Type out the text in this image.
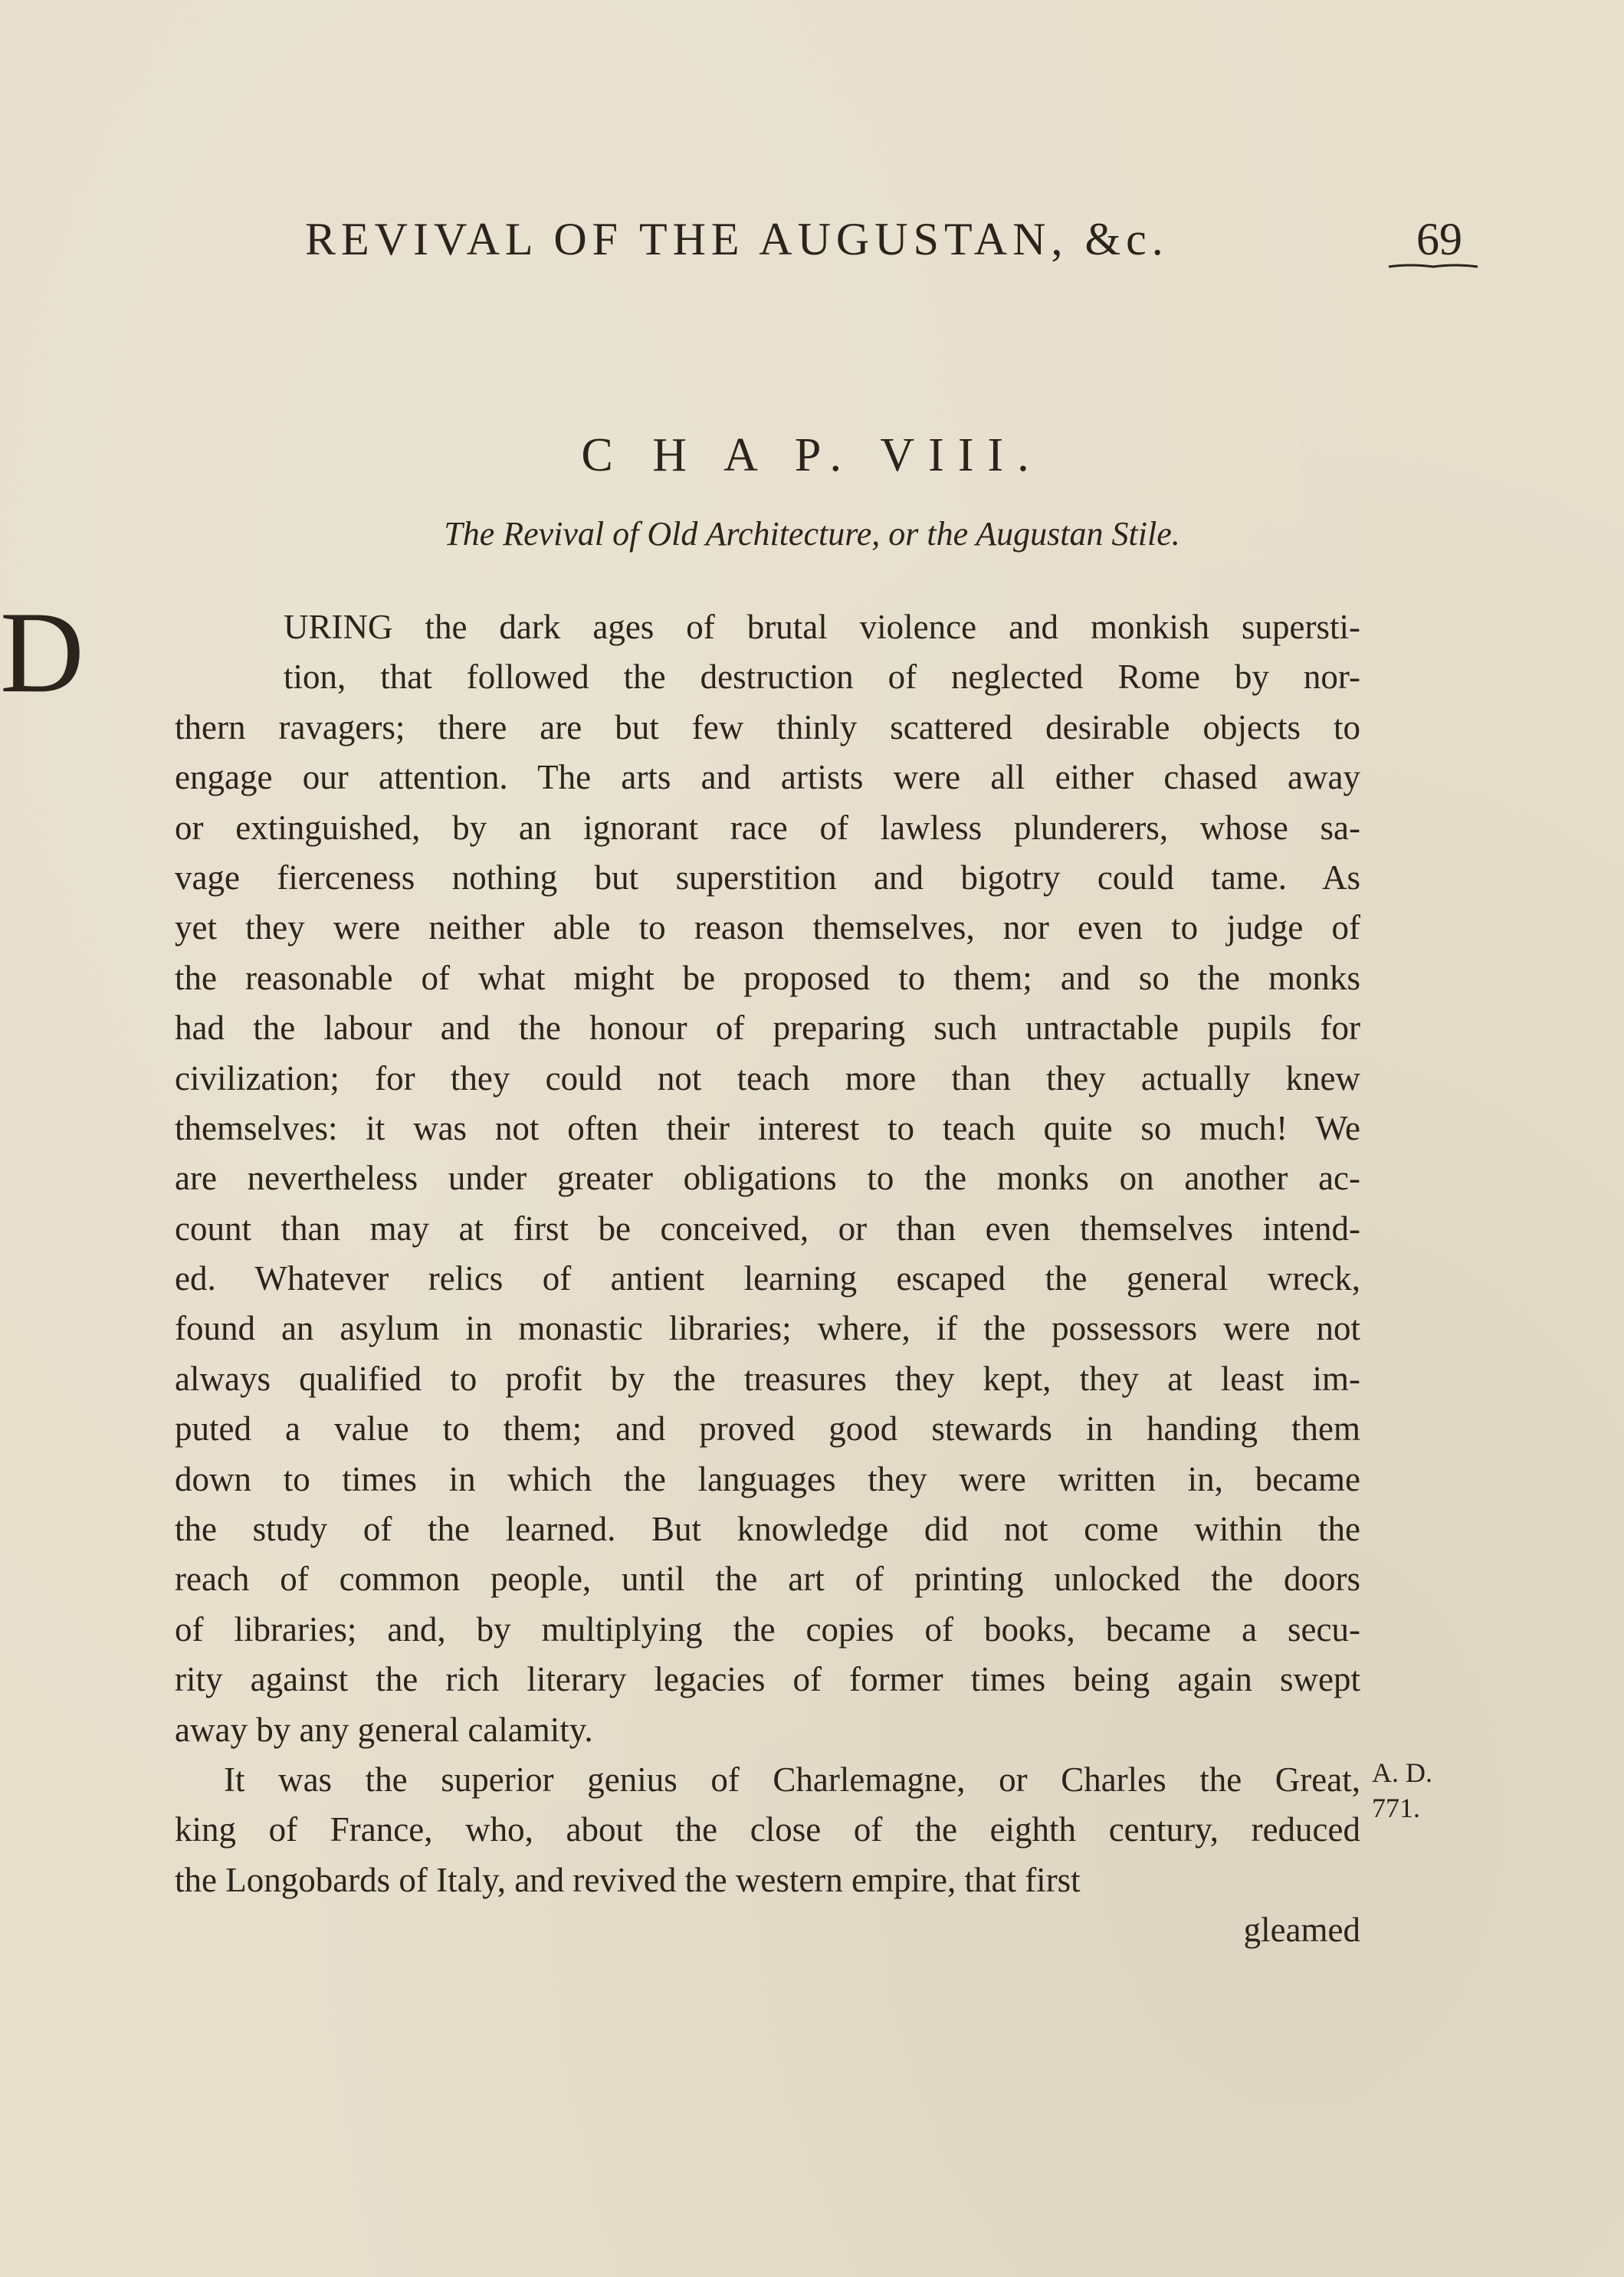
REVIVAL OF THE AUGUSTAN, &c.	69
C H A P. VIII.
The Revival of Old Architecture, or the Augustan Stile.
D	URING the dark ages of brutal violence and monkish supersti-
tion, that followed the destruction of neglected Rome by nor-
thern ravagers; there are but few thinly scattered desirable objects to
engage our attention. The arts and artists were all either chased away
or extinguished, by an ignorant race of lawless plunderers, whose sa-
vage fierceness nothing but superstition and bigotry could tame. As
yet they were neither able to reason themselves, nor even to judge of
the reasonable of what might be proposed to them; and so the monks
had the labour and the honour of preparing such untractable pupils for
civilization; for they could not teach more than they actually knew
themselves: it was not often their interest to teach quite so much! We
are nevertheless under greater obligations to the monks on another ac-
count than may at first be conceived, or than even themselves intend-
ed. Whatever relics of antient learning escaped the general wreck,
found an asylum in monastic libraries; where, if the possessors were not
always qualified to profit by the treasures they kept, they at least im-
puted a value to them; and proved good stewards in handing them
down to times in which the languages they were written in, became
the study of the learned. But knowledge did not come within the
reach of common people, until the art of printing unlocked the doors
of libraries; and, by multiplying the copies of books, became a secu-
rity against the rich literary legacies of former times being again swept
away by any general calamity.
It was the superior genius of Charlemagne, or Charles the Great,
king of France, who, about the close of the eighth century, reduced
the Longobards of Italy, and revived the western empire, that first
gleamed
A. D.
771.
